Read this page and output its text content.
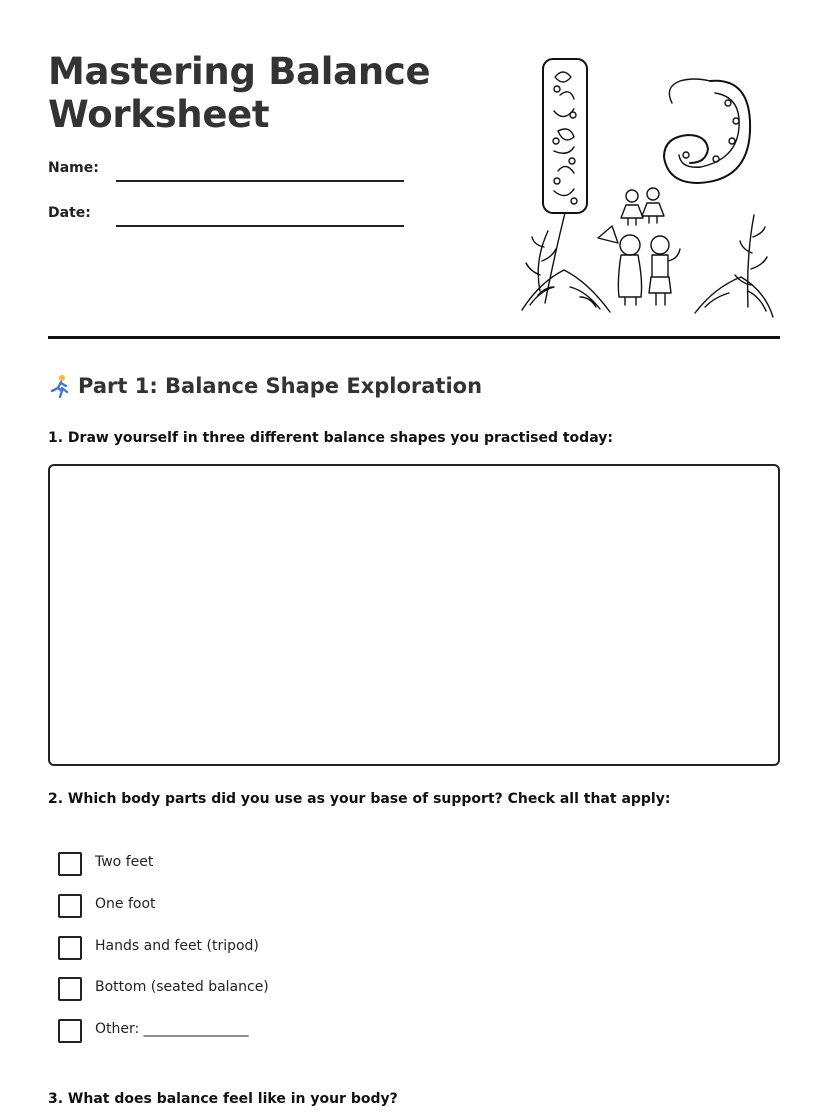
Mastering Balance
Worksheet
Name:
Date:
Part 1: Balance Shape Exploration

1. Draw yourself in three different balance shapes you practised today:

2. Which body parts did you use as your base of support? Check all that apply:

Two feet
One foot
Hands and feet (tripod)
Bottom (seated balance)
Other: _______________

3. What does balance feel like in your body?
